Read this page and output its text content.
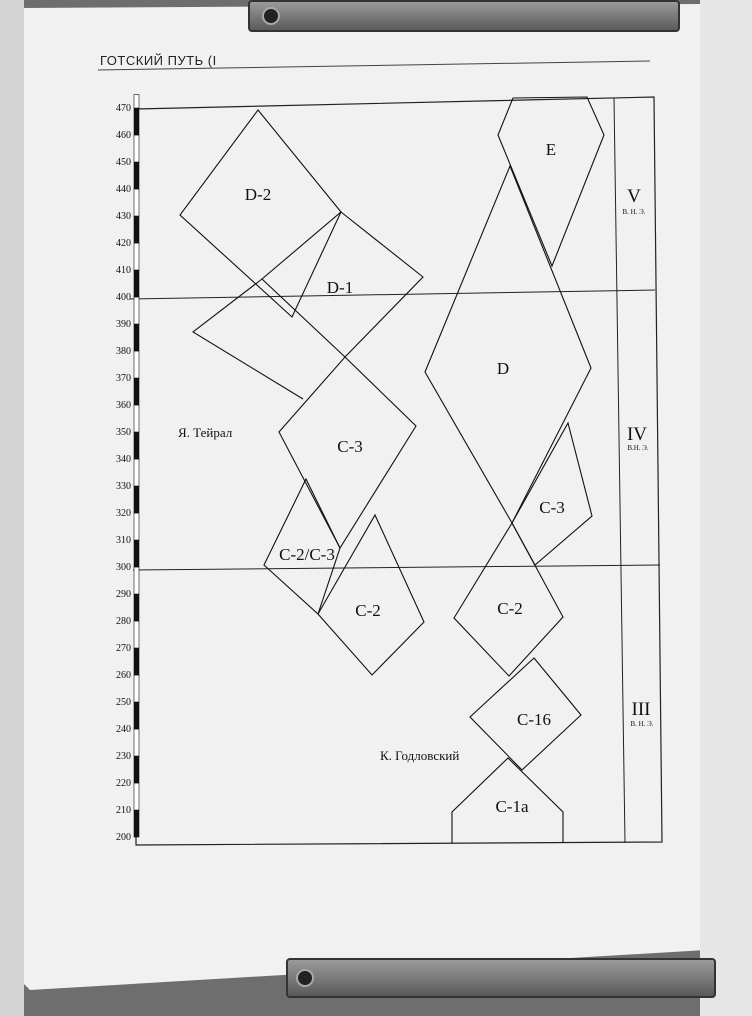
200
210
220
230
240
250
260
270
280
290
300
310
320
330
340
350
360
370
380
390
400
410
420
430
440
450
460
470
D-2
D-1
C-3
C-2/C-3
C-2
E
D
C-3
C-2
C-16
C-1a
Я. Тейрал
К. Годловский
V
В. Н. Э.
IV
В.Н. Э.
III
В. Н. Э.
ГОТСКИЙ ПУТЬ (I
